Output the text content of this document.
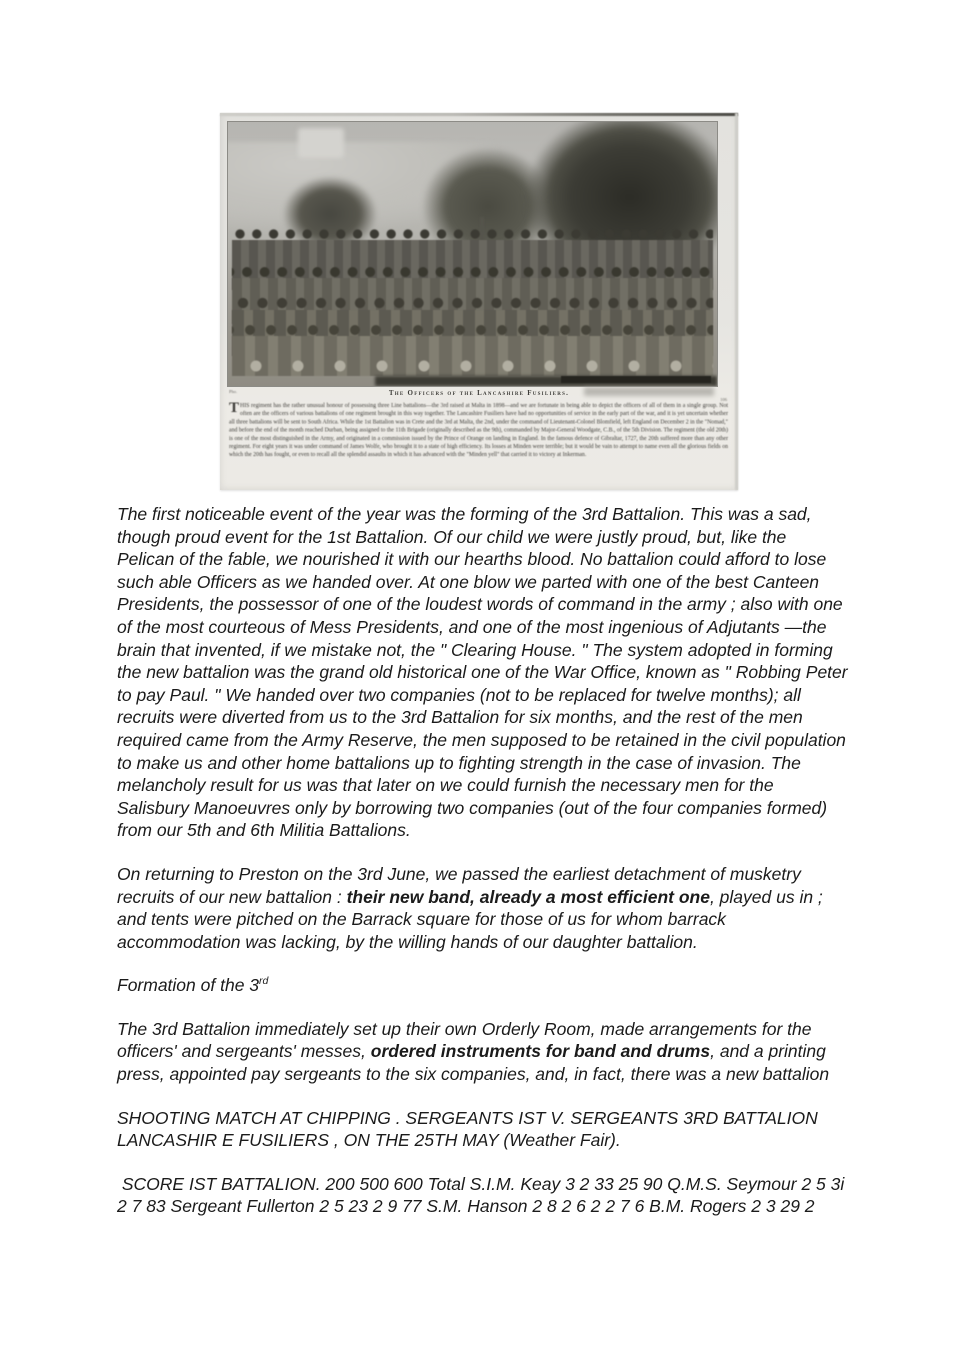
Pho.
106
The Officers of the Lancashire Fusiliers.

THIS regiment has the rather unusual honour of possessing three Line battalions—the 3rd raised at Malta in 1898—and we are fortunate in being able to depict the officers of all of them in a single group. Not often are the officers of various battalions of one regiment brought in this way together. The Lancashire Fusiliers have had no opportunities of service in the early part of the war, and it is yet uncertain whether all three battalions will be sent to South Africa. While the 1st Battalion was in Crete and the 3rd at Malta, the 2nd, under the command of Lieutenant-Colonel Blomfield, left England on December 2 in the "Nomad," and before the end of the month reached Durban, being assigned to the 11th Brigade (originally described as the 9th), commanded by Major-General Woodgate, C.B., of the 5th Division. The regiment (the old 20th) is one of the most distinguished in the Army, and originated in a commission issued by the Prince of Orange on landing in England. In the famous defence of Gibraltar, 1727, the 20th suffered more than any other regiment. For eight years it was under command of James Wolfe, who brought it to a state of high efficiency. Its losses at Minden were terrible; but it would be vain to attempt to name even all the glorious fields on which the 20th has fought, or even to recall all the splendid assaults in which it has advanced with the "Minden yell" that carried it to victory at Inkerman.

The first noticeable event of the year was the forming of the 3rd Battalion. This was a sad, though proud event for the 1st Battalion. Of our child we were justly proud, but, like the Pelican of the fable, we nourished it with our hearths blood. No battalion could afford to lose such able Officers as we handed over. At one blow we parted with one of the best Canteen Presidents, the possessor of one of the loudest words of command in the army ; also with one of the most courteous of Mess Presidents, and one of the most ingenious of Adjutants —the brain that invented, if we mistake not, the " Clearing House. " The system adopted in forming the new battalion was the grand old historical one of the War Office, known as " Robbing Peter to pay Paul. " We handed over two companies (not to be replaced for twelve months); all recruits were diverted from us to the 3rd Battalion for six months, and the rest of the men required came from the Army Reserve, the men supposed to be retained in the civil population to make us and other home battalions up to fighting strength in the case of invasion. The melancholy result for us was that later on we could furnish the necessary men for the Salisbury Manoeuvres only by borrowing two companies (out of the four companies formed) from our 5th and 6th Militia Battalions.

On returning to Preston on the 3rd June, we passed the earliest detachment of musketry recruits of our new battalion : their new band, already a most efficient one, played us in ; and tents were pitched on the Barrack square for those of us for whom barrack accommodation was lacking, by the willing hands of our daughter battalion.

Formation of the 3rd

The 3rd Battalion immediately set up their own Orderly Room, made arrangements for the officers' and sergeants' messes, ordered instruments for band and drums, and a printing press, appointed pay sergeants to the six companies, and, in fact, there was a new battalion

SHOOTING MATCH AT CHIPPING . SERGEANTS IST V. SERGEANTS 3RD BATTALION LANCASHIR E FUSILIERS , ON THE 25TH MAY (Weather Fair).

SCORE IST BATTALION. 200 500 600 Total S.I.M. Keay 3 2 33 25 90 Q.M.S. Seymour 2 5 3i 2 7 83 Sergeant Fullerton 2 5 23 2 9 77 S.M. Hanson 2 8 2 6 2 2 7 6 B.M. Rogers 2 3 29 2
